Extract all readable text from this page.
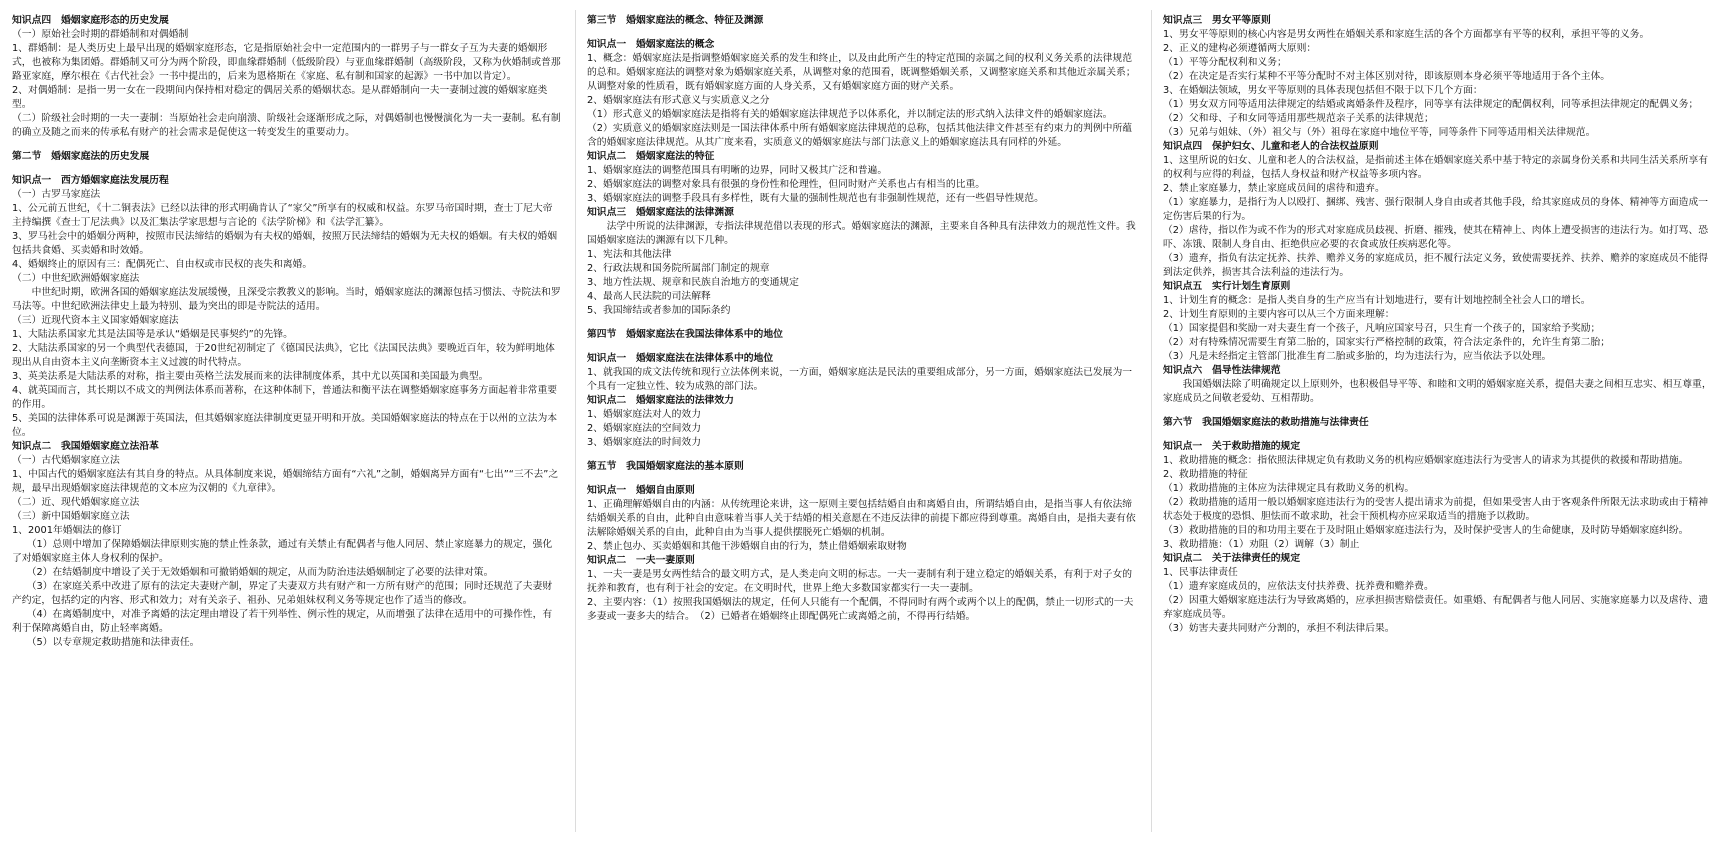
知识点四　婚姻家庭形态的历史发展
（一）原始社会时期的群婚制和对偶婚制
1、群婚制：是人类历史上最早出现的婚姻家庭形态，它是指原始社会中一定范围内的一群男子与一群女子互为夫妻的婚姻形式，也被称为集团婚。群婚制又可分为两个阶段，即血缘群婚制（低级阶段）与亚血缘群婚制（高级阶段，又称为伙婚制或普那路亚家庭，摩尔根在《古代社会》一书中提出的，后来为恩格斯在《家庭、私有制和国家的起源》一书中加以肯定）。
2、对偶婚制：是指一男一女在一段期间内保持相对稳定的偶居关系的婚姻状态。是从群婚制向一夫一妻制过渡的婚姻家庭类型。
（二）阶级社会时期的一夫一妻制：当原始社会走向崩溃、阶级社会逐渐形成之际，对偶婚制也慢慢演化为一夫一妻制。私有制的确立及随之而来的传承私有财产的社会需求是促使这一转变发生的重要动力。
第二节　婚姻家庭法的历史发展
知识点一　西方婚姻家庭法发展历程
（一）古罗马家庭法
1、公元前五世纪，《十二铜表法》已经以法律的形式明确肯认了“家父”所享有的权威和权益。东罗马帝国时期，查士丁尼大帝主持编撰《查士丁尼法典》以及汇集法学家思想与言论的《法学阶梯》和《法学汇纂》。
3、罗马社会中的婚姻分两种，按照市民法缔结的婚姻为有夫权的婚姻，按照万民法缔结的婚姻为无夫权的婚姻。有夫权的婚姻包括共食婚、买卖婚和时效婚。
4、婚姻终止的原因有三：配偶死亡、自由权或市民权的丧失和离婚。
（二）中世纪欧洲婚姻家庭法
　　中世纪时期，欧洲各国的婚姻家庭法发展缓慢，且深受宗教教义的影响。当时，婚姻家庭法的渊源包括习惯法、寺院法和罗马法等。中世纪欧洲法律史上最为特别、最为突出的即是寺院法的适用。
（三）近现代资本主义国家婚姻家庭法
1、大陆法系国家尤其是法国等是承认“婚姻是民事契约”的先锋。
2、大陆法系国家的另一个典型代表德国，于20世纪初制定了《德国民法典》，它比《法国民法典》要晚近百年，较为鲜明地体现出从自由资本主义向垄断资本主义过渡的时代特点。
3、英美法系是大陆法系的对称，指主要由英格兰法发展而来的法律制度体系，其中尤以英国和美国最为典型。
4、就英国而言，其长期以不成文的判例法体系而著称，在这种体制下，普通法和衡平法在调整婚姻家庭事务方面起着非常重要的作用。
5、美国的法律体系可说是渊源于英国法，但其婚姻家庭法律制度更显开明和开放。美国婚姻家庭法的特点在于以州的立法为本位。
知识点二　我国婚姻家庭立法沿革
（一）古代婚姻家庭立法
1、中国古代的婚姻家庭法有其自身的特点。从具体制度来说，婚姻缔结方面有“六礼”之制，婚姻离异方面有“七出”“三不去”之规，最早出现婚姻家庭法律规范的文本应为汉朝的《九章律》。
（二）近、现代婚姻家庭立法
（三）新中国婚姻家庭立法
1、2001年婚姻法的修订
　　（1）总则中增加了保障婚姻法律原则实施的禁止性条款，通过有关禁止有配偶者与他人同居、禁止家庭暴力的规定，强化了对婚姻家庭主体人身权利的保护。
　　（2）在结婚制度中增设了关于无效婚姻和可撤销婚姻的规定，从而为防治违法婚姻制定了必要的法律对策。
　　（3）在家庭关系中改进了原有的法定夫妻财产制，界定了夫妻双方共有财产和一方所有财产的范围；同时还规范了夫妻财产约定，包括约定的内容、形式和效力；对有关亲子、祖孙、兄弟姐妹权利义务等规定也作了适当的修改。
　　（4）在离婚制度中，对准予离婚的法定理由增设了若干列举性、例示性的规定，从而增强了法律在适用中的可操作性，有利于保障离婚自由，防止轻率离婚。
　　（5）以专章规定救助措施和法律责任。
第三节　婚姻家庭法的概念、特征及渊源
知识点一　婚姻家庭法的概念
1、概念：婚姻家庭法是指调整婚姻家庭关系的发生和终止，以及由此所产生的特定范围的亲属之间的权利义务关系的法律规范的总和。婚姻家庭法的调整对象为婚姻家庭关系，从调整对象的范围看，既调整婚姻关系，又调整家庭关系和其他近亲属关系；从调整对象的性质看，既有婚姻家庭方面的人身关系，又有婚姻家庭方面的财产关系。
2、婚姻家庭法有形式意义与实质意义之分
（1）形式意义的婚姻家庭法是指将有关的婚姻家庭法律规范予以体系化，并以制定法的形式纳入法律文件的婚姻家庭法。
（2）实质意义的婚姻家庭法则是一国法律体系中所有婚姻家庭法律规范的总称，包括其他法律文件甚至有约束力的判例中所蕴含的婚姻家庭法律规范。从其广度来看，实质意义的婚姻家庭法与部门法意义上的婚姻家庭法具有同样的外延。
知识点二　婚姻家庭法的特征
1、婚姻家庭法的调整范围具有明晰的边界，同时又极其广泛和普遍。
2、婚姻家庭法的调整对象具有很强的身份性和伦理性，但同时财产关系也占有相当的比重。
3、婚姻家庭法的调整手段具有多样性，既有大量的强制性规范也有非强制性规范，还有一些倡导性规范。
知识点三　婚姻家庭法的法律渊源
　　法学中所说的法律渊源，专指法律规范借以表现的形式。婚姻家庭法的渊源，主要来自各种具有法律效力的规范性文件。我国婚姻家庭法的渊源有以下几种。
1、宪法和其他法律
2、行政法规和国务院所属部门制定的规章
3、地方性法规、规章和民族自治地方的变通规定
4、最高人民法院的司法解释
5、我国缔结或者参加的国际条约
第四节　婚姻家庭法在我国法律体系中的地位
知识点一　婚姻家庭法在法律体系中的地位
1、就我国的成文法传统和现行立法体例来说，一方面，婚姻家庭法是民法的重要组成部分，另一方面，婚姻家庭法已发展为一个具有一定独立性、较为成熟的部门法。
知识点二　婚姻家庭法的法律效力
1、婚姻家庭法对人的效力
2、婚姻家庭法的空间效力
3、婚姻家庭法的时间效力
第五节　我国婚姻家庭法的基本原则
知识点一　婚姻自由原则
1、正确理解婚姻自由的内涵：从传统理论来讲，这一原则主要包括结婚自由和离婚自由，所谓结婚自由，是指当事人有依法缔结婚姻关系的自由，此种自由意味着当事人关于结婚的相关意愿在不违反法律的前提下都应得到尊重。离婚自由，是指夫妻有依法解除婚姻关系的自由，此种自由为当事人提供摆脱死亡婚姻的机制。
2、禁止包办、买卖婚姻和其他干涉婚姻自由的行为，禁止借婚姻索取财物
知识点二　一夫一妻原则
1、一夫一妻是男女两性结合的最文明方式，是人类走向文明的标志。一夫一妻制有利于建立稳定的婚姻关系，有利于对子女的抚养和教育，也有利于社会的安定。在文明时代，世界上绝大多数国家都实行一夫一妻制。
2、主要内容：（1）按照我国婚姻法的规定，任何人只能有一个配偶，不得同时有两个或两个以上的配偶，禁止一切形式的一夫多妻或一妻多夫的结合。　（2）已婚者在婚姻终止即配偶死亡或离婚之前，不得再行结婚。
知识点三　男女平等原则
1、男女平等原则的核心内容是男女两性在婚姻关系和家庭生活的各个方面都享有平等的权利，承担平等的义务。
2、正义的建构必须遵循两大原则：
（1）平等分配权利和义务；
（2）在决定是否实行某种不平等分配时不对主体区别对待，即该原则本身必须平等地适用于各个主体。
3、在婚姻法领域，男女平等原则的具体表现包括但不限于以下几个方面：
（1）男女双方同等适用法律规定的结婚或离婚条件及程序，同等享有法律规定的配偶权利，同等承担法律规定的配偶义务；
（2）父和母、子和女同等适用那些规范亲子关系的法律规范；
（3）兄弟与姐妹、（外）祖父与（外）祖母在家庭中地位平等，同等条件下同等适用相关法律规范。
知识点四　保护妇女、儿童和老人的合法权益原则
1、这里所说的妇女、儿童和老人的合法权益，是指前述主体在婚姻家庭关系中基于特定的亲属身份关系和共同生活关系所享有的权利与应得的利益，包括人身权益和财产权益等多项内容。
2、禁止家庭暴力，禁止家庭成员间的虐待和遗弃。
（1）家庭暴力，是指行为人以殴打、捆绑、残害、强行限制人身自由或者其他手段，给其家庭成员的身体、精神等方面造成一定伤害后果的行为。
（2）虐待，指以作为或不作为的形式对家庭成员歧视、折磨、摧残，使其在精神上、肉体上遭受损害的违法行为。如打骂、恐吓、冻饿、限制人身自由、拒绝供应必要的衣食或放任疾病恶化等。
（3）遗弃，指负有法定抚养、扶养、赡养义务的家庭成员，拒不履行法定义务，致使需要抚养、扶养、赡养的家庭成员不能得到法定供养，损害其合法利益的违法行为。
知识点五　实行计划生育原则
1、计划生育的概念：是指人类自身的生产应当有计划地进行，要有计划地控制全社会人口的增长。
2、计划生育原则的主要内容可以从三个方面来理解：
（1）国家提倡和奖励一对夫妻生育一个孩子，凡响应国家号召，只生育一个孩子的，国家给予奖励；
（2）对有特殊情况需要生育第二胎的，国家实行严格控制的政策，符合法定条件的，允许生育第二胎；
（3）凡是未经指定主管部门批准生育二胎或多胎的，均为违法行为，应当依法予以处理。
知识点六　倡导性法律规范
　　我国婚姻法除了明确规定以上原则外，也积极倡导平等、和睦和文明的婚姻家庭关系，提倡夫妻之间相互忠实、相互尊重，家庭成员之间敬老爱幼、互相帮助。
第六节　我国婚姻家庭法的救助措施与法律责任
知识点一　关于救助措施的规定
1、救助措施的概念：指依照法律规定负有救助义务的机构应婚姻家庭违法行为受害人的请求为其提供的救援和帮助措施。
2、救助措施的特征
（1）救助措施的主体应为法律规定具有救助义务的机构。
（2）救助措施的适用一般以婚姻家庭违法行为的受害人提出请求为前提，但如果受害人由于客观条件所限无法求助或由于精神状态处于极度的恐惧、胆怯而不敢求助，社会干预机构亦应采取适当的措施予以救助。
（3）救助措施的目的和功用主要在于及时阻止婚姻家庭违法行为，及时保护受害人的生命健康，及时防导婚姻家庭纠纷。
3、救助措施：（1）劝阻（2）调解（3）制止
知识点二　关于法律责任的规定
1、民事法律责任
（1）遗弃家庭成员的，应依法支付扶养费、抚养费和赡养费。
（2）因重大婚姻家庭违法行为导致离婚的，应承担损害赔偿责任。如重婚、有配偶者与他人同居、实施家庭暴力以及虐待、遗弃家庭成员等。
（3）妨害夫妻共同财产分割的，承担不利法律后果。
